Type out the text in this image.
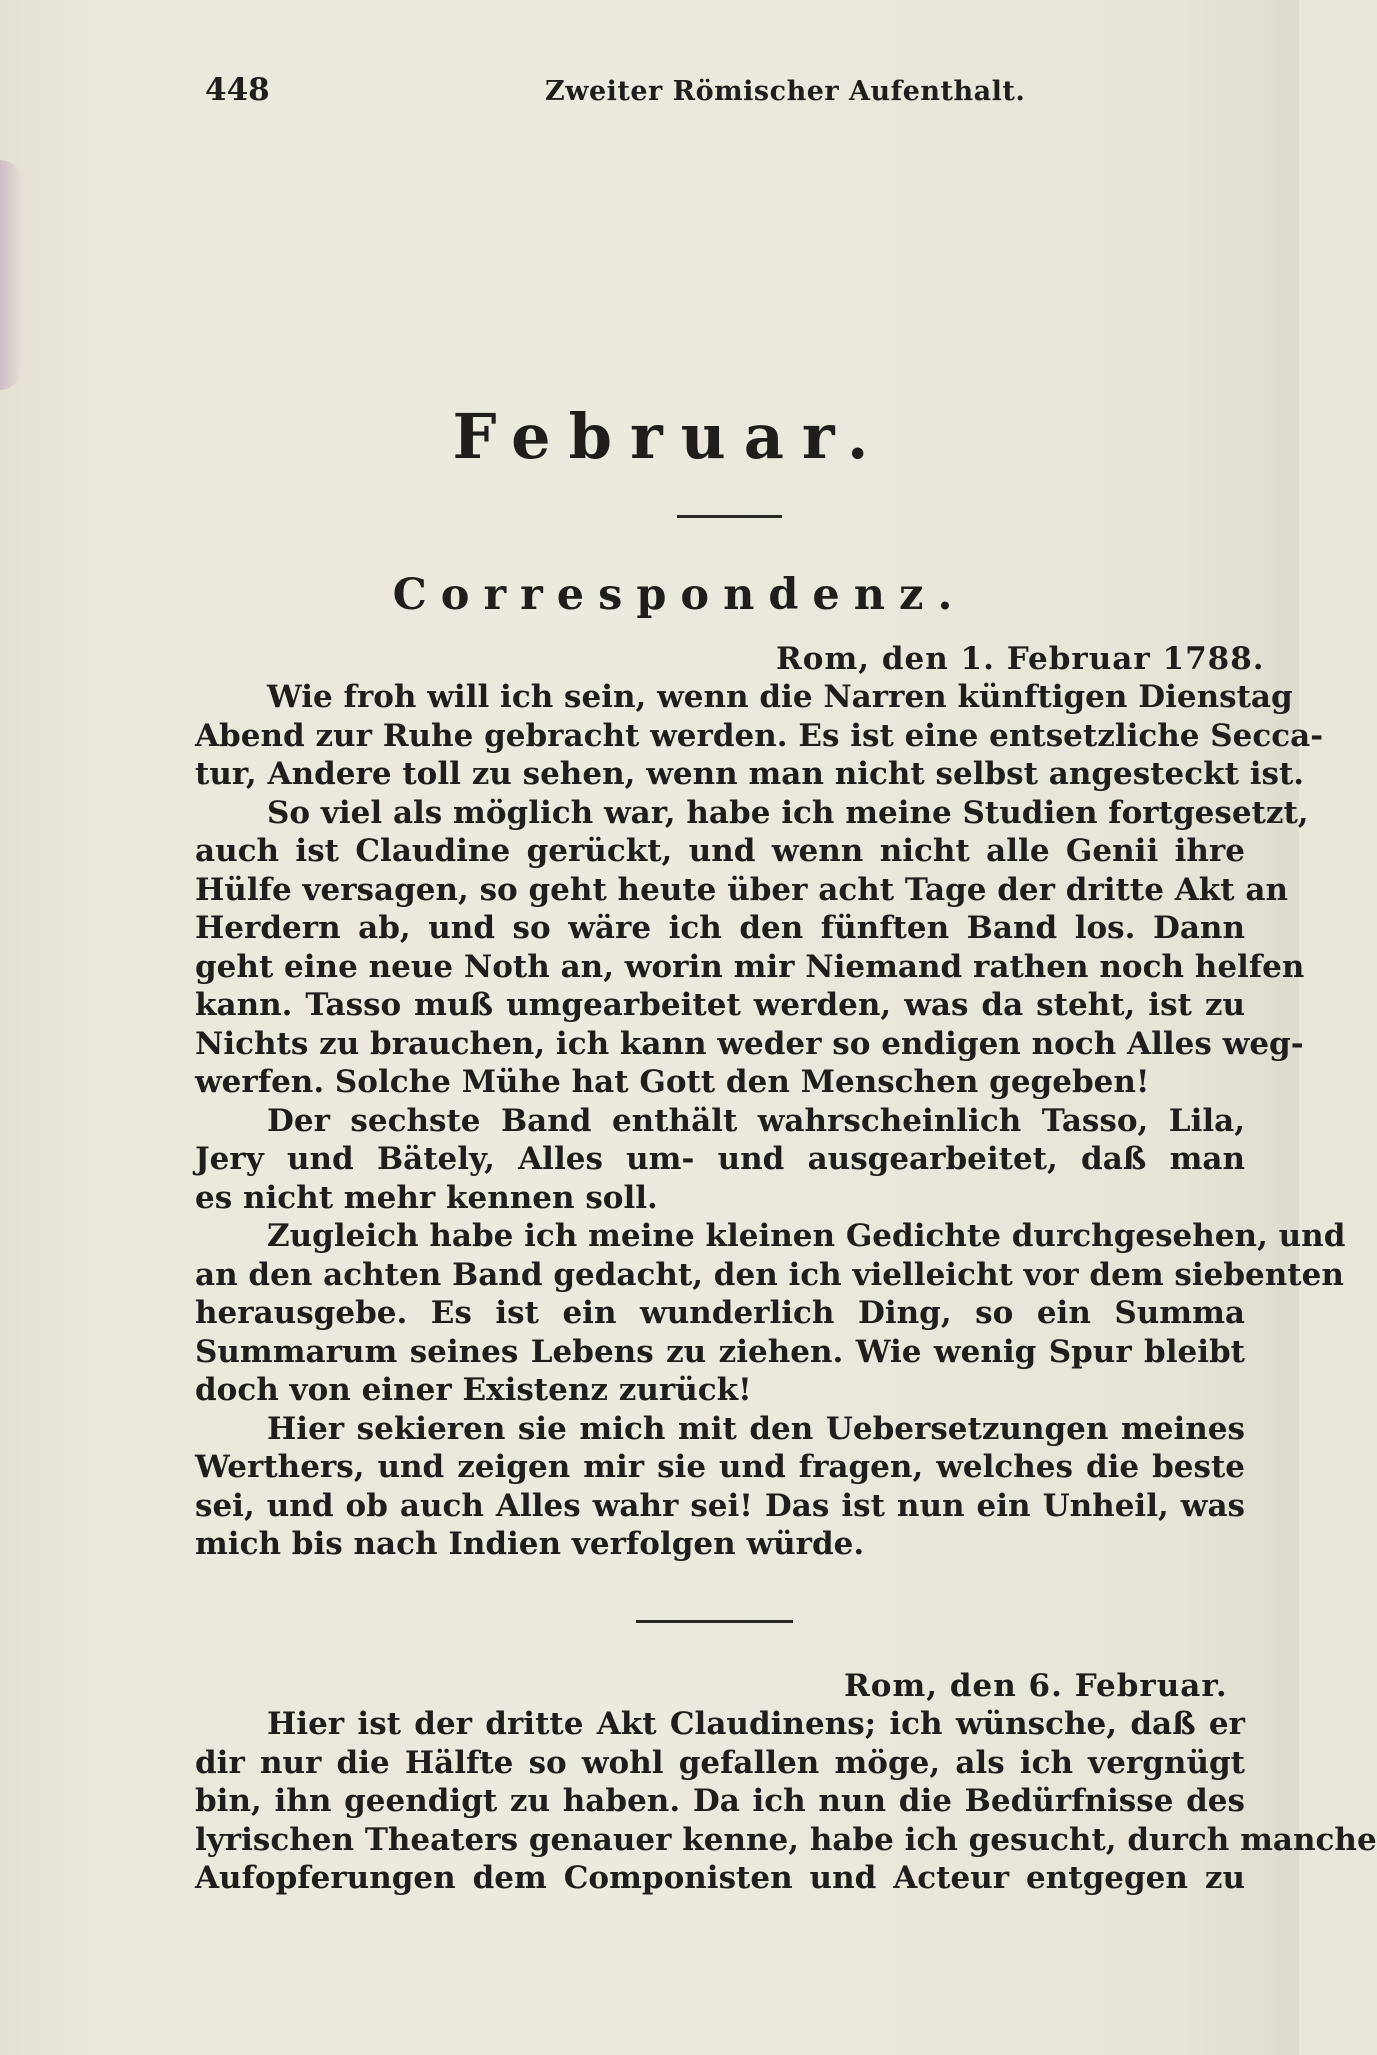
448	Zweiter Römischer Aufenthalt.
Februar.
Correspondenz.
Rom, den 1. Februar 1788.
Wie froh will ich sein, wenn die Narren künftigen Dienstag
Abend zur Ruhe gebracht werden. Es ist eine entsetzliche Secca-
tur, Andere toll zu sehen, wenn man nicht selbst angesteckt ist.
So viel als möglich war, habe ich meine Studien fortgesetzt,
auch ist Claudine gerückt, und wenn nicht alle Genii ihre
Hülfe versagen, so geht heute über acht Tage der dritte Akt an
Herdern ab, und so wäre ich den fünften Band los. Dann
geht eine neue Noth an, worin mir Niemand rathen noch helfen
kann. Tasso muß umgearbeitet werden, was da steht, ist zu
Nichts zu brauchen, ich kann weder so endigen noch Alles weg-
werfen. Solche Mühe hat Gott den Menschen gegeben!
Der sechste Band enthält wahrscheinlich Tasso, Lila,
Jery und Bätely, Alles um- und ausgearbeitet, daß man
es nicht mehr kennen soll.
Zugleich habe ich meine kleinen Gedichte durchgesehen, und
an den achten Band gedacht, den ich vielleicht vor dem siebenten
herausgebe. Es ist ein wunderlich Ding, so ein Summa
Summarum seines Lebens zu ziehen. Wie wenig Spur bleibt
doch von einer Existenz zurück!
Hier sekieren sie mich mit den Uebersetzungen meines
Werthers, und zeigen mir sie und fragen, welches die beste
sei, und ob auch Alles wahr sei! Das ist nun ein Unheil, was
mich bis nach Indien verfolgen würde.
Rom, den 6. Februar.
Hier ist der dritte Akt Claudinens; ich wünsche, daß er
dir nur die Hälfte so wohl gefallen möge, als ich vergnügt
bin, ihn geendigt zu haben. Da ich nun die Bedürfnisse des
lyrischen Theaters genauer kenne, habe ich gesucht, durch manche
Aufopferungen dem Componisten und Acteur entgegen zu
